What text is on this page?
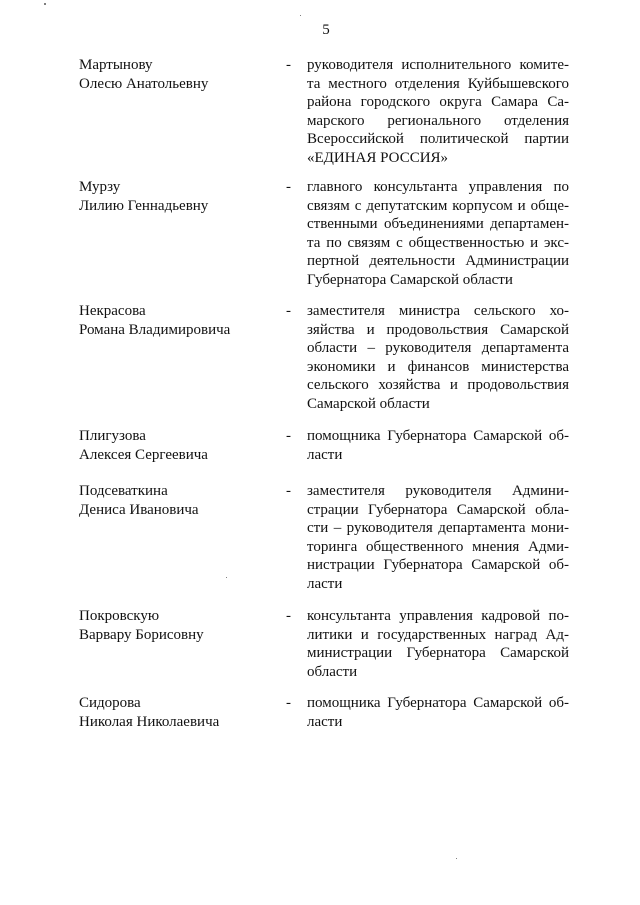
5
Мартынову
Олесю Анатольевну
- руководителя исполнительного комите-
та местного отделения Куйбышевского
района городского округа Самара Са-
марского регионального отделения
Всероссийской политической партии
«ЕДИНАЯ РОССИЯ»
Мурзу
Лилию Геннадьевну
- главного консультанта управления по
связям с депутатским корпусом и обще-
ственными объединениями департамен-
та по связям с общественностью и экс-
пертной деятельности Администрации
Губернатора Самарской области
Некрасова
Романа Владимировича
- заместителя министра сельского хо-
зяйства и продовольствия Самарской
области – руководителя департамента
экономики и финансов министерства
сельского хозяйства и продовольствия
Самарской области
Плигузова
Алексея Сергеевича
- помощника Губернатора Самарской об-
ласти
Подсеваткина
Дениса Ивановича
- заместителя руководителя Админи-
страции Губернатора Самарской обла-
сти – руководителя департамента мони-
торинга общественного мнения Адми-
нистрации Губернатора Самарской об-
ласти
Покровскую
Варвару Борисовну
- консультанта управления кадровой по-
литики и государственных наград Ад-
министрации Губернатора Самарской
области
Сидорова
Николая Николаевича
- помощника Губернатора Самарской об-
ласти
